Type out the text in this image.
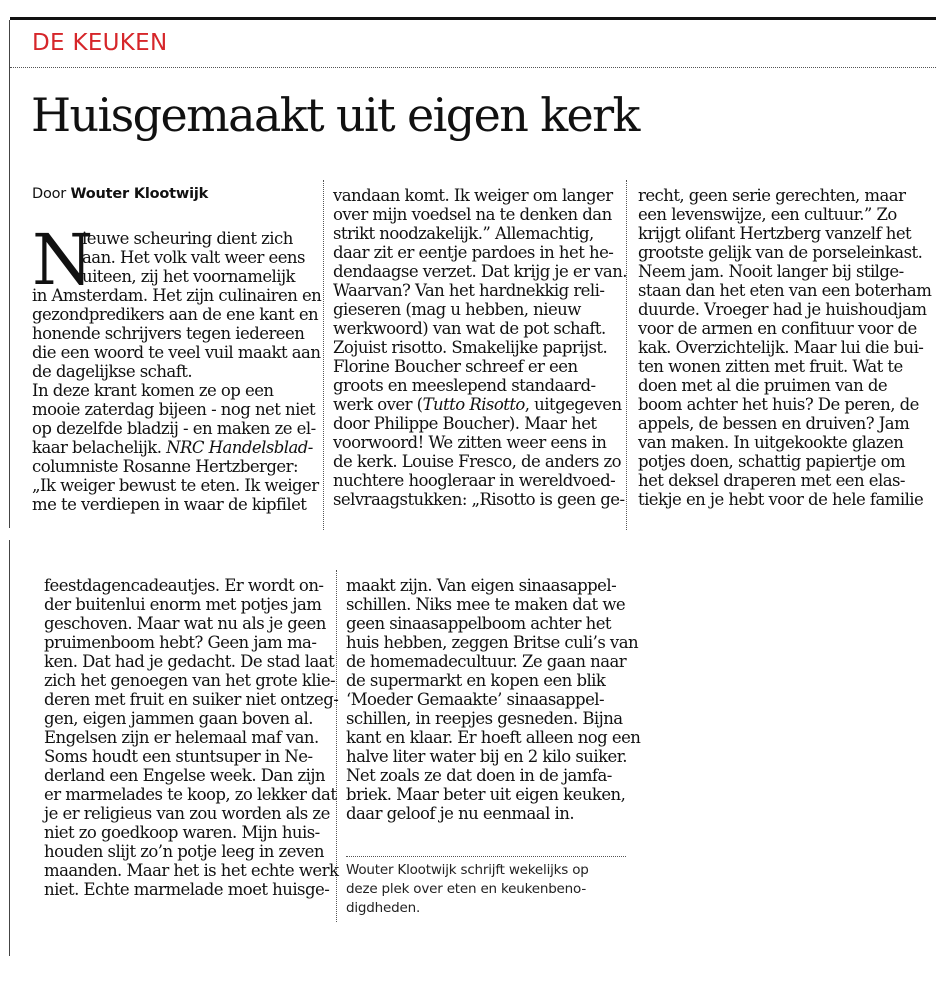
DE KEUKEN
Huisgemaakt uit eigen kerk
Door Wouter Klootwijk
N
ieuwe scheuring dient zich
aan. Het volk valt weer eens
uiteen, zij het voornamelijk
in Amsterdam. Het zijn culinairen en
gezondpredikers aan de ene kant en
honende schrijvers tegen iedereen
die een woord te veel vuil maakt aan
de dagelijkse schaft.
In deze krant komen ze op een
mooie zaterdag bijeen - nog net niet
op dezelfde bladzij - en maken ze el-
kaar belachelijk. NRC Handelsblad-
columniste Rosanne Hertzberger:
„Ik weiger bewust te eten. Ik weiger
me te verdiepen in waar de kipfilet
vandaan komt. Ik weiger om langer
over mijn voedsel na te denken dan
strikt noodzakelijk.” Allemachtig,
daar zit er eentje pardoes in het he-
dendaagse verzet. Dat krijg je er van.
Waarvan? Van het hardnekkig reli-
gieseren (mag u hebben, nieuw
werkwoord) van wat de pot schaft.
Zojuist risotto. Smakelijke paprijst.
Florine Boucher schreef er een
groots en meeslepend standaard-
werk over (Tutto Risotto, uitgegeven
door Philippe Boucher). Maar het
voorwoord! We zitten weer eens in
de kerk. Louise Fresco, de anders zo
nuchtere hoogleraar in wereldvoed-
selvraagstukken: „Risotto is geen ge-
recht, geen serie gerechten, maar
een levenswijze, een cultuur.” Zo
krijgt olifant Hertzberg vanzelf het
grootste gelijk van de porseleinkast.
Neem jam. Nooit langer bij stilge-
staan dan het eten van een boterham
duurde. Vroeger had je huishoudjam
voor de armen en confituur voor de
kak. Overzichtelijk. Maar lui die bui-
ten wonen zitten met fruit. Wat te
doen met al die pruimen van de
boom achter het huis? De peren, de
appels, de bessen en druiven? Jam
van maken. In uitgekookte glazen
potjes doen, schattig papiertje om
het deksel draperen met een elas-
tiekje en je hebt voor de hele familie
feestdagencadeautjes. Er wordt on-
der buitenlui enorm met potjes jam
geschoven. Maar wat nu als je geen
pruimenboom hebt? Geen jam ma-
ken. Dat had je gedacht. De stad laat
zich het genoegen van het grote klie-
deren met fruit en suiker niet ontzeg-
gen, eigen jammen gaan boven al.
Engelsen zijn er helemaal maf van.
Soms houdt een stuntsuper in Ne-
derland een Engelse week. Dan zijn
er marmelades te koop, zo lekker dat
je er religieus van zou worden als ze
niet zo goedkoop waren. Mijn huis-
houden slijt zo’n potje leeg in zeven
maanden. Maar het is het echte werk
niet. Echte marmelade moet huisge-
maakt zijn. Van eigen sinaasappel-
schillen. Niks mee te maken dat we
geen sinaasappelboom achter het
huis hebben, zeggen Britse culi’s van
de homemadecultuur. Ze gaan naar
de supermarkt en kopen een blik
‘Moeder Gemaakte’ sinaasappel-
schillen, in reepjes gesneden. Bijna
kant en klaar. Er hoeft alleen nog een
halve liter water bij en 2 kilo suiker.
Net zoals ze dat doen in de jamfa-
briek. Maar beter uit eigen keuken,
daar geloof je nu eenmaal in.
Wouter Klootwijk schrijft wekelijks op
deze plek over eten en keukenbeno-
digdheden.
